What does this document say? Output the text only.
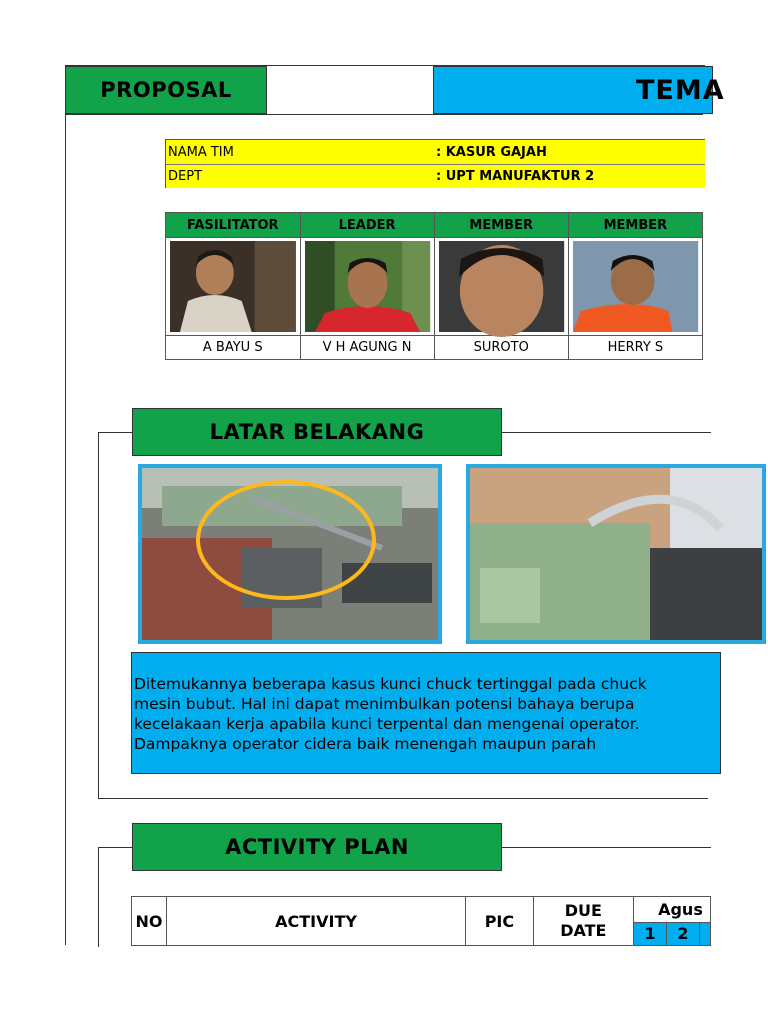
PROPOSAL	TEMA
NAMA TIM	: KASUR GAJAH
DEPT	: UPT MANUFAKTUR 2
FASILITATOR	LEADER	MEMBER	MEMBER

A BAYU S	V H AGUNG N	SUROTO	HERRY S
LATAR BELAKANG
Ditemukannya beberapa kasus kunci chuck tertinggal pada chuck
mesin bubut. Hal ini dapat menimbulkan potensi bahaya berupa
kecelakaan kerja apabila kunci terpental dan mengenai operator.
Dampaknya operator cidera baik menengah maupun parah
ACTIVITY PLAN
NO	ACTIVITY	PIC	DUE DATE	Agus		
				1	2	
